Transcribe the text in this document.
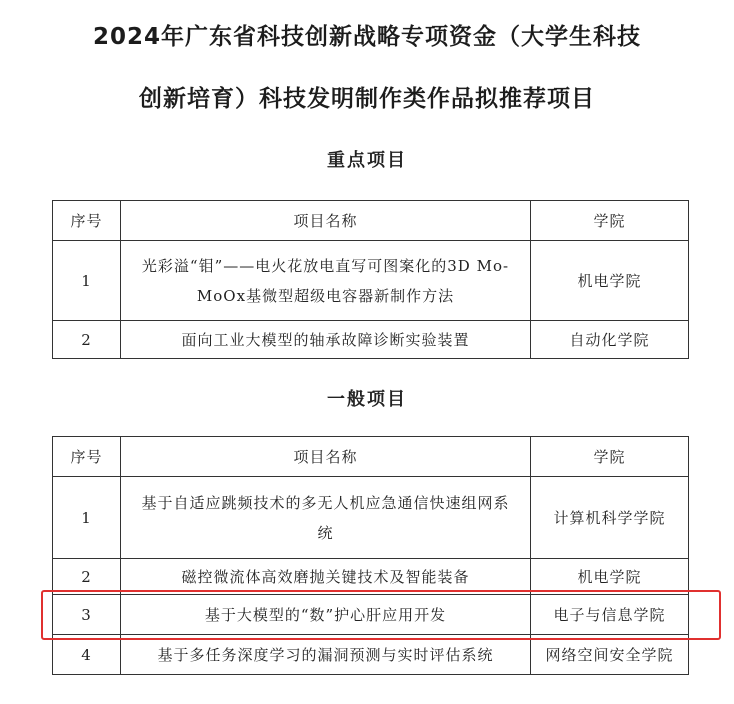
2024年广东省科技创新战略专项资金（大学生科技
创新培育）科技发明制作类作品拟推荐项目
重点项目
序号	项目名称	学院
1	光彩溢“钼”——电火花放电直写可图案化的3D Mo-MoOx基微型超级电容器新制作方法	机电学院
2	面向工业大模型的轴承故障诊断实验装置	自动化学院
一般项目
序号	项目名称	学院
1	基于自适应跳频技术的多无人机应急通信快速组网系统	计算机科学学院
2	磁控微流体高效磨抛关键技术及智能装备	机电学院
3	基于大模型的“数”护心肝应用开发	电子与信息学院
4	基于多任务深度学习的漏洞预测与实时评估系统	网络空间安全学院
